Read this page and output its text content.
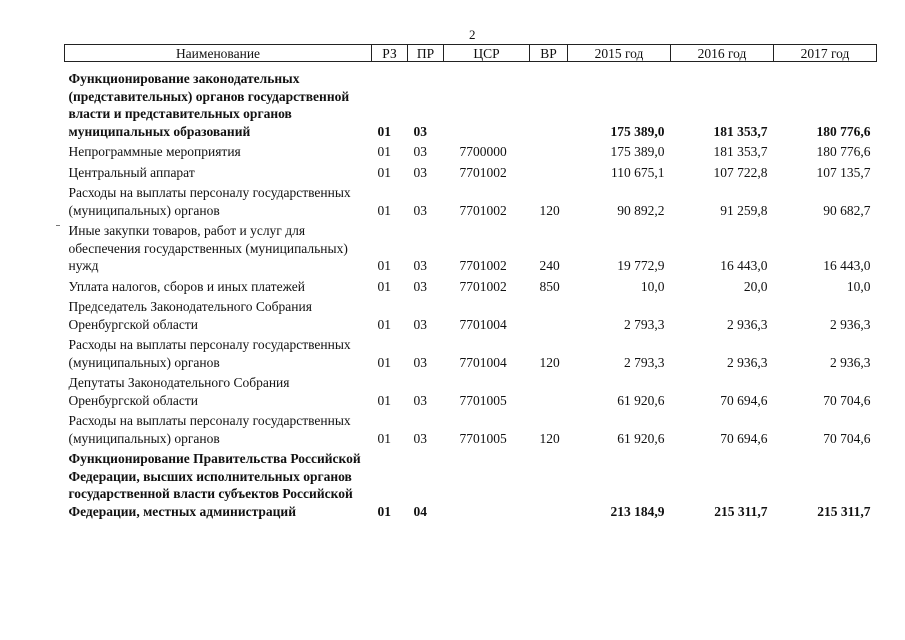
2
Наименование	РЗ	ПР	ЦСР	ВР	2015 год	2016 год	2017 год
Функционирование законодательных (представительных) органов государственной власти и представительных органов муниципальных образований	01	03			175 389,0	181 353,7	180 776,6
Непрограммные мероприятия	01	03	7700000		175 389,0	181 353,7	180 776,6
Центральный аппарат	01	03	7701002		110 675,1	107 722,8	107 135,7
Расходы на выплаты персоналу государственных (муниципальных) органов	01	03	7701002	120	90 892,2	91 259,8	90 682,7
Иные закупки товаров, работ и услуг для обеспечения государственных (муниципальных) нужд	01	03	7701002	240	19 772,9	16 443,0	16 443,0
Уплата налогов, сборов и иных платежей	01	03	7701002	850	10,0	20,0	10,0
Председатель Законодательного Собрания Оренбургской области	01	03	7701004		2 793,3	2 936,3	2 936,3
Расходы на выплаты персоналу государственных (муниципальных) органов	01	03	7701004	120	2 793,3	2 936,3	2 936,3
Депутаты Законодательного Собрания Оренбургской области	01	03	7701005		61 920,6	70 694,6	70 704,6
Расходы на выплаты персоналу государственных (муниципальных) органов	01	03	7701005	120	61 920,6	70 694,6	70 704,6
Функционирование Правительства Российской Федерации, высших исполнительных органов государственной власти субъектов Российской Федерации, местных администраций	01	04			213 184,9	215 311,7	215 311,7
